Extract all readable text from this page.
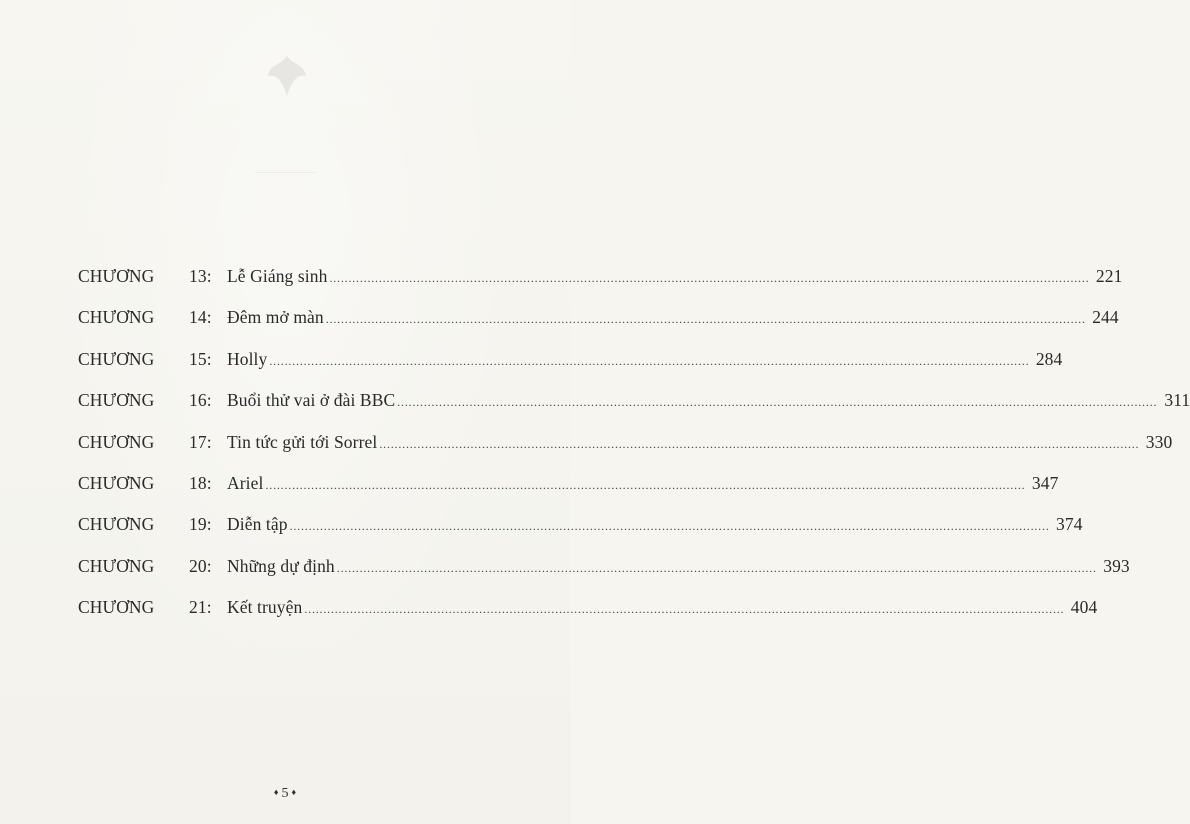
CHƯƠNG	13: Lễ Giáng sinh ........................................................................................................................................................................................................ 221
CHƯƠNG	14: Đêm mở màn ........................................................................................................................................................................................................ 244
CHƯƠNG	15: Holly ........................................................................................................................................................................................................ 284
CHƯƠNG	16: Buổi thử vai ở đài BBC ........................................................................................................................................................................................................ 311
CHƯƠNG	17: Tin tức gửi tới Sorrel ........................................................................................................................................................................................................ 330
CHƯƠNG	18: Ariel ........................................................................................................................................................................................................ 347
CHƯƠNG	19: Diễn tập ........................................................................................................................................................................................................ 374
CHƯƠNG	20: Những dự định ........................................................................................................................................................................................................ 393
CHƯƠNG	21: Kết truyện ........................................................................................................................................................................................................ 404
♦ 5 ♦
